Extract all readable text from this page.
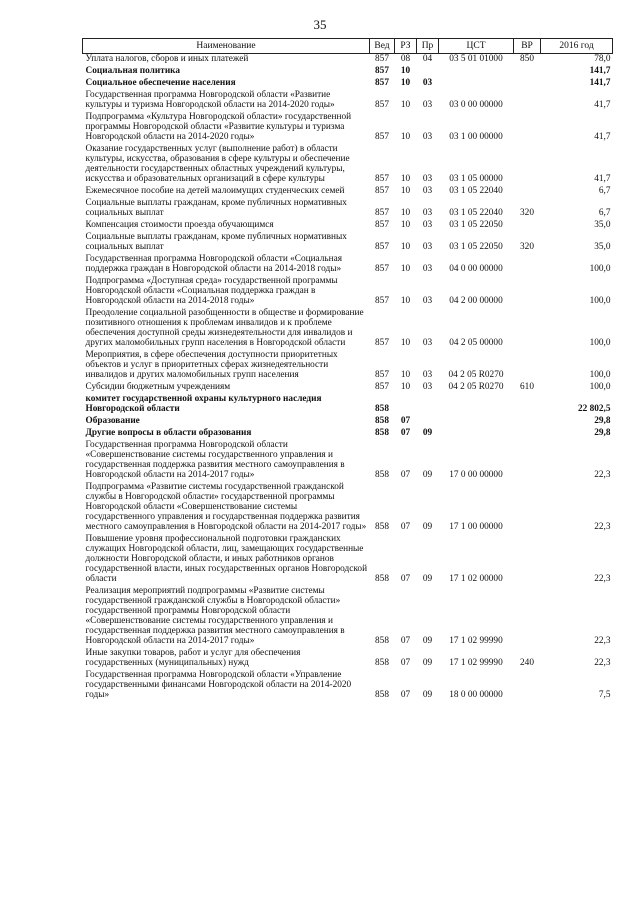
35
Наименование	Вед	РЗ	Пр	ЦСТ	ВР	2016 год
Уплата налогов, сборов и иных платежей	857	08	04	03 5 01 01000	850	78,0
Социальная политика	857	10				141,7
Социальное обеспечение населения	857	10	03			141,7
Государственная программа Новгородской области «Развитие культуры и туризма Новгородской области на 2014-2020 годы»	857	10	03	03 0 00 00000		41,7
Подпрограмма «Культура Новгородской области» государственной программы Новгородской области «Развитие культуры и туризма Новгородской области на 2014-2020 годы»	857	10	03	03 1 00 00000		41,7
Оказание государственных услуг (выполнение работ) в области культуры, искусства, образования в сфере культуры и обеспечение деятельности государственных областных учреждений культуры, искусства и образовательных организаций в сфере культуры	857	10	03	03 1 05 00000		41,7
Ежемесячное пособие на детей малоимущих студенческих семей	857	10	03	03 1 05 22040		6,7
Социальные выплаты гражданам, кроме публичных нормативных социальных выплат	857	10	03	03 1 05 22040	320	6,7
Компенсация стоимости проезда обучающимся	857	10	03	03 1 05 22050		35,0
Социальные выплаты гражданам, кроме публичных нормативных социальных выплат	857	10	03	03 1 05 22050	320	35,0
Государственная программа Новгородской области «Социальная поддержка граждан в Новгородской области на 2014-2018 годы»	857	10	03	04 0 00 00000		100,0
Подпрограмма «Доступная среда» государственной программы Новгородской области «Социальная поддержка граждан в Новгородской области на 2014-2018 годы»	857	10	03	04 2 00 00000		100,0
Преодоление социальной разобщенности в обществе и формирование позитивного отношения к проблемам инвалидов и к проблеме обеспечения доступной среды жизнедеятельности для инвалидов и других маломобильных групп населения в Новгородской области	857	10	03	04 2 05 00000		100,0
Мероприятия, в сфере обеспечения доступности приоритетных объектов и услуг в приоритетных сферах жизнедеятельности инвалидов и других маломобильных групп населения	857	10	03	04 2 05 R0270		100,0
Субсидии бюджетным учреждениям	857	10	03	04 2 05 R0270	610	100,0
комитет государственной охраны культурного наследия Новгородской области	858					22 802,5
Образование	858	07				29,8
Другие вопросы в области образования	858	07	09			29,8
Государственная программа Новгородской области «Совершенствование системы государственного управления и государственная поддержка развития местного самоуправления в Новгородской области на 2014-2017 годы»	858	07	09	17 0 00 00000		22,3
Подпрограмма «Развитие системы государственной гражданской службы в Новгородской области» государственной программы Новгородской области «Совершенствование системы государственного управления и государственная поддержка развития местного самоуправления в Новгородской области на 2014-2017 годы»	858	07	09	17 1 00 00000		22,3
Повышение уровня профессиональной подготовки гражданских служащих Новгородской области, лиц, замещающих государственные должности Новгородской области, и иных работников органов государственной власти, иных государственных органов Новгородской области	858	07	09	17 1 02 00000		22,3
Реализация мероприятий подпрограммы «Развитие системы государственной гражданской службы в Новгородской области» государственной программы Новгородской области «Совершенствование системы государственного управления и государственная поддержка развития местного самоуправления в Новгородской области на 2014-2017 годы»	858	07	09	17 1 02 99990		22,3
Иные закупки товаров, работ и услуг для обеспечения государственных (муниципальных) нужд	858	07	09	17 1 02 99990	240	22,3
Государственная программа Новгородской области «Управление государственными финансами Новгородской области на 2014-2020 годы»	858	07	09	18 0 00 00000		7,5
